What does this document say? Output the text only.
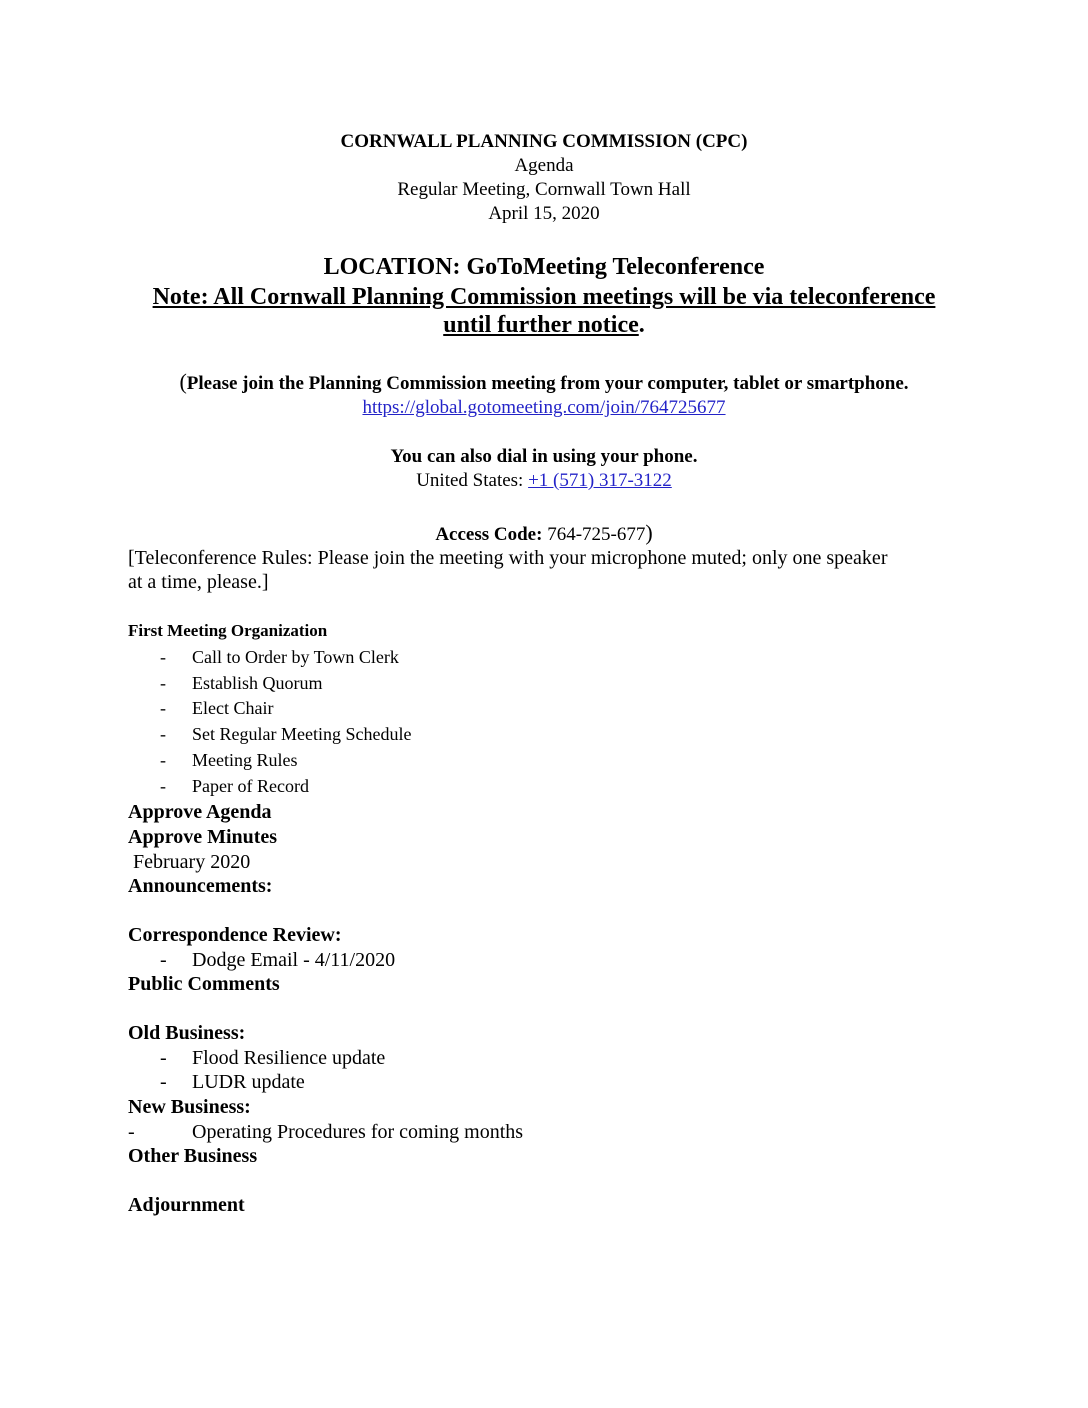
CORNWALL PLANNING COMMISSION (CPC)
Agenda
Regular Meeting, Cornwall Town Hall
April 15, 2020
LOCATION: GoToMeeting Teleconference
Note: All Cornwall Planning Commission meetings will be via teleconference
until further notice.
(Please join the Planning Commission meeting from your computer, tablet or smartphone.
https://global.gotomeeting.com/join/764725677
You can also dial in using your phone.
United States: +1 (571) 317-3122
Access Code: 764-725-677)
[Teleconference Rules: Please join the meeting with your microphone muted; only one speaker
at a time, please.]
First Meeting Organization
- Call to Order by Town Clerk
- Establish Quorum
- Elect Chair
- Set Regular Meeting Schedule
- Meeting Rules
- Paper of Record
Approve Agenda
Approve Minutes
February 2020
Announcements:
Correspondence Review:
- Dodge Email - 4/11/2020
Public Comments
Old Business:
- Flood Resilience update
- LUDR update
New Business:
-	Operating Procedures for coming months
Other Business
Adjournment
